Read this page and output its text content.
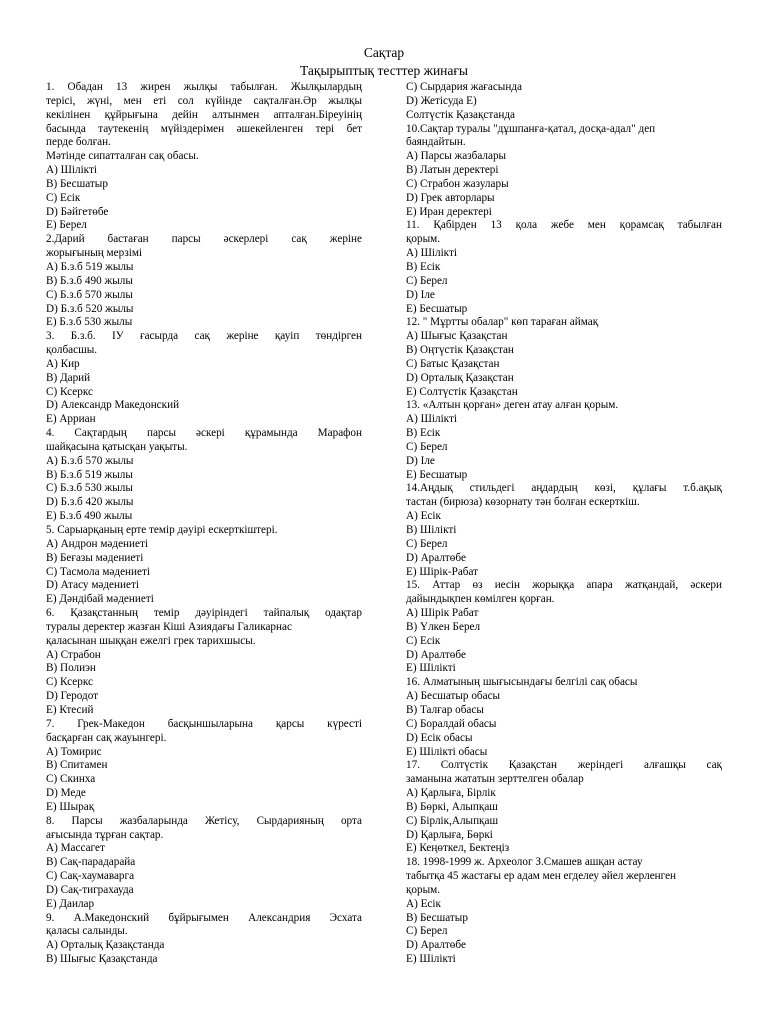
Сақтар
Тақырыптық тесттер жинағы
1. Обадан 13 жирен жылқы табылған. Жылқылардың
терісі, жүні, мен еті сол күйінде сақталған.Әр жылқы
кекілінен құйрығына дейін алтынмен апталған.Біреуінің
басында таутекенің мүйіздерімен әшекейленген тері бет
перде болған.
Мәтінде сипатталған сақ обасы.
А) Шілікті
В) Бесшатыр
С) Есік
D) Бәйгетөбе
Е) Берел
2.Дарий бастаған парсы әскерлері сақ жеріне
жорығының мерзімі
А) Б.з.б 519 жылы
В) Б.з.б 490 жылы
С) Б.з.б 570 жылы
D) Б.з.б 520 жылы
Е) Б.з.б 530 жылы
3. Б.з.б. ІУ ғасырда сақ жеріне қауіп төндірген
қолбасшы.
А) Кир
В) Дарий
С) Ксеркс
D) Александр Македонский
Е) Арриан
4. Сақтардың парсы әскері құрамында Марафон
шайқасына қатысқан уақыты.
А) Б.з.б 570 жылы
В) Б.з.б 519 жылы
С) Б.з.б 530 жылы
D) Б.з.б 420 жылы
Е) Б.з.б 490 жылы
5. Сарыарқаның ерте темір дәуірі ескерткіштері.
А) Андрон мәдениеті
В) Беғазы мәдениеті
С) Тасмола мәдениеті
D) Атасу мәдениеті
Е) Дәндібай мәдениеті
6. Қазақстанның темір дәуіріндегі тайпалық одақтар
туралы деректер жазған Кіші Азиядағы Галикарнас
қаласынан шыққан ежелгі грек тарихшысы.
А) Страбон
В) Полиэн
С) Ксеркс
D) Геродот
Е) Ктесий
7. Грек-Македон басқыншыларына қарсы күресті
басқарған сақ жауынгері.
А) Томирис
В) Спитамен
С) Скинха
D) Меде
Е) Шырақ
8. Парсы жазбаларында Жетісу, Сырдарияның орта
ағысында тұрған сақтар.
А) Массагет
В) Сақ-парадарайа
С) Сақ-хаумаварга
D) Сақ-тиграхауда
Е) Даилар
9. А.Македонский бұйрығымен Александрия Эсхата
қаласы салынды.
А) Орталық Қазақстанда
В) Шығыс Қазақстанда
С) Сырдария жағасында
D) Жетісуда Е)
Солтүстік Қазақстанда
10.Сақтар туралы "дұшпанға-қатал, досқа-адал" деп
баяндайтын.
А) Парсы жазбалары
В) Латын деректері
С) Страбон жазулары
D) Грек авторлары
Е) Иран деректері
11. Қабірден 13 қола жебе мен қорамсақ табылған
қорым.
А) Шілікті
В) Есік
С) Берел
D) Іле
Е) Бесшатыр
12. " Мұртты обалар" көп тараған аймақ
А) Шығыс Қазақстан
В) Оңтүстік Қазақстан
С) Батыс Қазақстан
D) Орталық Қазақстан
Е) Солтүстік Қазақстан
13. «Алтын қорған» деген атау алған қорым.
А) Шілікті
В) Есік
С) Берел
D) Іле
Е) Бесшатыр
14.Аңдық стильдегі аңдардың көзі, құлағы т.б.ақық
тастан (бирюза) көзорнату тән болған ескерткіш.
А) Есік
В) Шілікті
С) Берел
D) Аралтөбе
Е) Шірік-Рабат
15. Аттар өз иесін жорыққа апара жатқандай, әскери
дайындықпен көмілген қорған.
А) Шірік Рабат
В) Үлкен Берел
С) Есік
D) Аралтөбе
Е) Шілікті
16. Алматының шығысындағы белгілі сақ обасы
А) Бесшатыр обасы
В) Талғар обасы
С) Боралдай обасы
D) Есік обасы
Е) Шілікті обасы
17. Солтүстік Қазақстан жеріндегі алғашқы сақ
заманына жататын зерттелген обалар
А) Қарлыға, Бірлік
В) Бөркі, Алыпқаш
С) Бірлік,Алыпқаш
D) Қарлыға, Бөркі
Е) Кеңөткел, Бектеңіз
18. 1998-1999 ж. Археолог З.Смашев ашқан астау
табытқа 45 жастағы ер адам мен егделеу әйел жерленген
қорым.
А) Есік
В) Бесшатыр
С) Берел
D) Аралтөбе
Е) Шілікті
